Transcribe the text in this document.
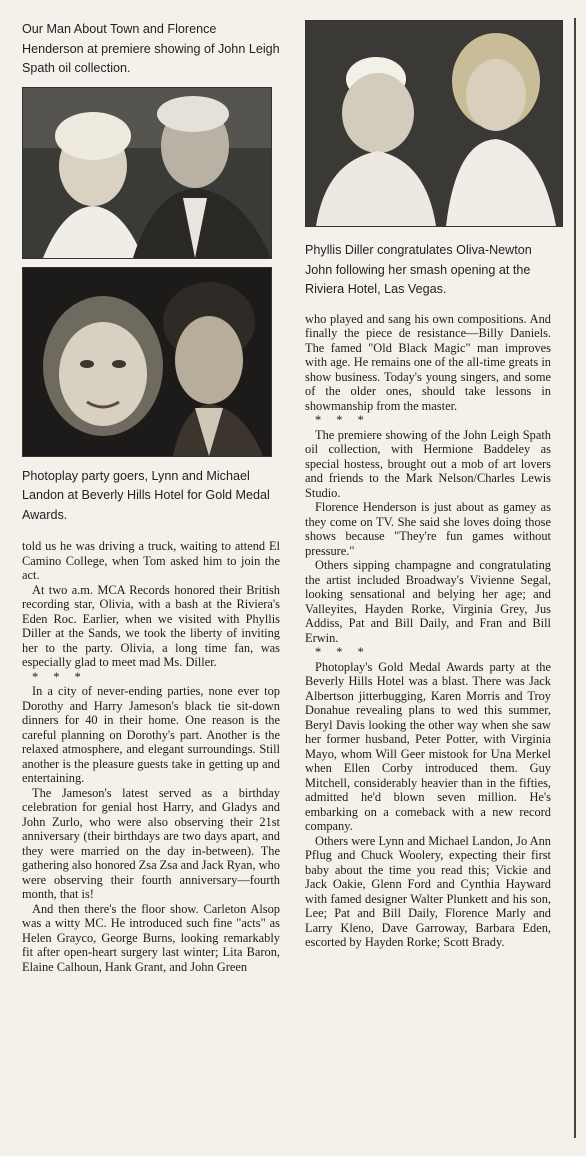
Our Man About Town and Florence Henderson at premiere showing of John Leigh Spath oil collection.

Photoplay party goers, Lynn and Michael Landon at Beverly Hills Hotel for Gold Medal Awards.

told us he was driving a truck, waiting to attend El Camino College, when Tom asked him to join the act.

At two a.m. MCA Records honored their British recording star, Olivia, with a bash at the Riviera's Eden Roc. Earlier, when we visited with Phyllis Diller at the Sands, we took the liberty of inviting her to the party. Olivia, a long time fan, was especially glad to meet mad Ms. Diller.

* * *

In a city of never-ending parties, none ever top Dorothy and Harry Jameson's black tie sit-down dinners for 40 in their home. One reason is the careful planning on Dorothy's part. Another is the relaxed atmosphere, and elegant surroundings. Still another is the pleasure guests take in getting up and entertaining.

The Jameson's latest served as a birthday celebration for genial host Harry, and Gladys and John Zurlo, who were also observing their 21st anniversary (their birthdays are two days apart, and they were married on the day in-between). The gathering also honored Zsa Zsa and Jack Ryan, who were observing their fourth anniversary—fourth month, that is!

And then there's the floor show. Carleton Alsop was a witty MC. He introduced such fine "acts" as Helen Grayco, George Burns, looking remarkably fit after open-heart surgery last winter; Lita Baron, Elaine Calhoun, Hank Grant, and John Green

Phyllis Diller congratulates Oliva-Newton John following her smash opening at the Riviera Hotel, Las Vegas.

who played and sang his own compositions. And finally the piece de resistance—Billy Daniels. The famed "Old Black Magic" man improves with age. He remains one of the all-time greats in show business. Today's young singers, and some of the older ones, should take lessons in showmanship from the master.

* * *

The premiere showing of the John Leigh Spath oil collection, with Hermione Baddeley as special hostess, brought out a mob of art lovers and friends to the Mark Nelson/Charles Lewis Studio.

Florence Henderson is just about as gamey as they come on TV. She said she loves doing those shows because "They're fun games without pressure."

Others sipping champagne and congratulating the artist included Broadway's Vivienne Segal, looking sensational and belying her age; and Valleyites, Hayden Rorke, Virginia Grey, Jus Addiss, Pat and Bill Daily, and Fran and Bill Erwin.

* * *

Photoplay's Gold Medal Awards party at the Beverly Hills Hotel was a blast. There was Jack Albertson jitterbugging, Karen Morris and Troy Donahue revealing plans to wed this summer, Beryl Davis looking the other way when she saw her former husband, Peter Potter, with Virginia Mayo, whom Will Geer mistook for Una Merkel when Ellen Corby introduced them. Guy Mitchell, considerably heavier than in the fifties, admitted he'd blown seven million. He's embarking on a comeback with a new record company.

Others were Lynn and Michael Landon, Jo Ann Pflug and Chuck Woolery, expecting their first baby about the time you read this; Vickie and Jack Oakie, Glenn Ford and Cynthia Hayward with famed designer Walter Plunkett and his son, Lee; Pat and Bill Daily, Florence Marly and Larry Kleno, Dave Garroway, Barbara Eden, escorted by Hayden Rorke; Scott Brady.
